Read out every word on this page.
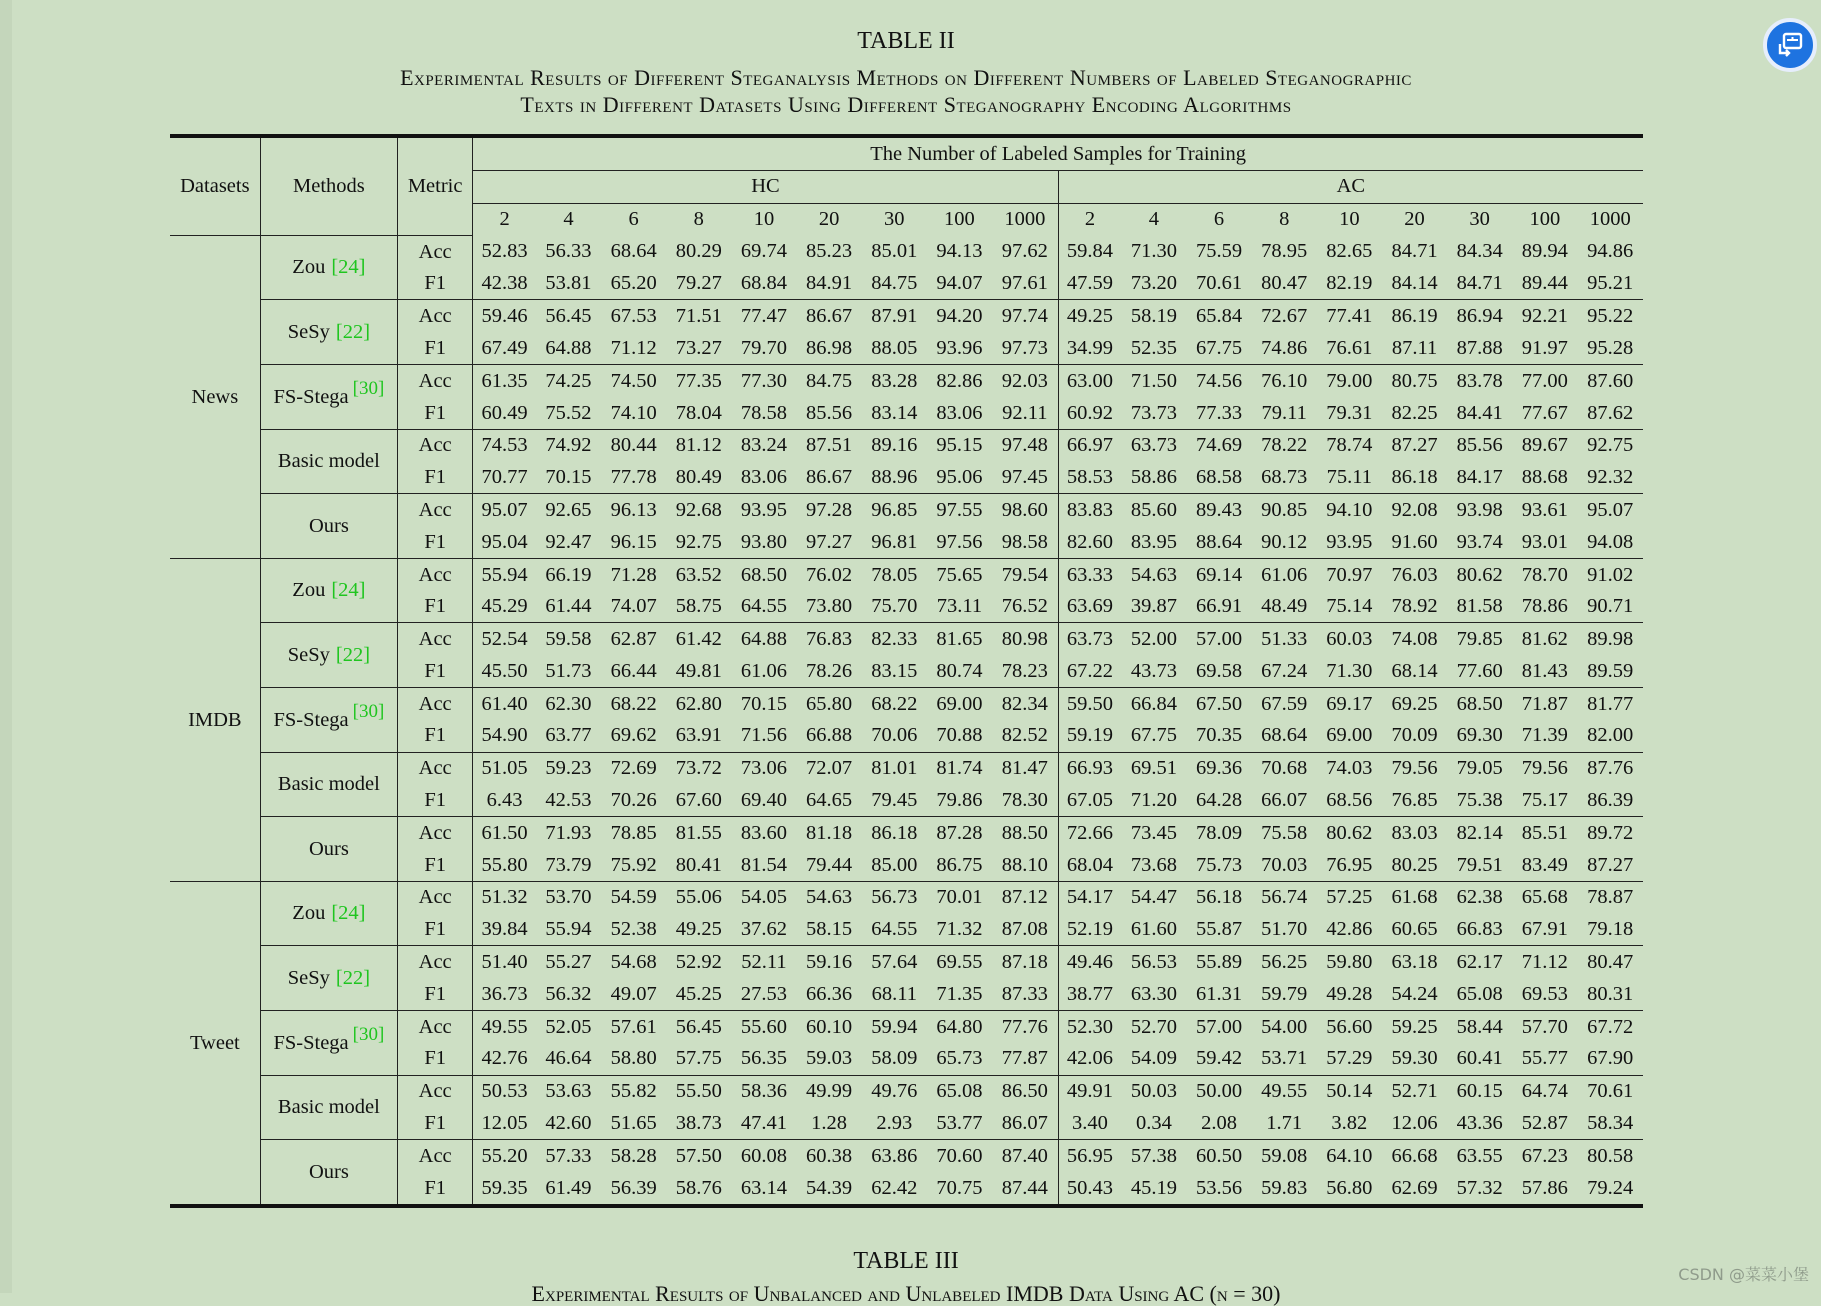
TABLE II
Experimental Results of Different Steganalysis Methods on Different Numbers of Labeled Steganographic
Texts in Different Datasets Using Different Steganography Encoding Algorithms
Datasets	Methods	Metric	The Number of Labeled Samples for Training																	
			HC									AC								
			2	4	6	8	10	20	30	100	1000	2	4	6	8	10	20	30	100	1000
News	Zou [24]	Acc	52.83	56.33	68.64	80.29	69.74	85.23	85.01	94.13	97.62	59.84	71.30	75.59	78.95	82.65	84.71	84.34	89.94	94.86
		F1	42.38	53.81	65.20	79.27	68.84	84.91	84.75	94.07	97.61	47.59	73.20	70.61	80.47	82.19	84.14	84.71	89.44	95.21
	SeSy [22]	Acc	59.46	56.45	67.53	71.51	77.47	86.67	87.91	94.20	97.74	49.25	58.19	65.84	72.67	77.41	86.19	86.94	92.21	95.22
		F1	67.49	64.88	71.12	73.27	79.70	86.98	88.05	93.96	97.73	34.99	52.35	67.75	74.86	76.61	87.11	87.88	91.97	95.28
	FS-Stega [30]	Acc	61.35	74.25	74.50	77.35	77.30	84.75	83.28	82.86	92.03	63.00	71.50	74.56	76.10	79.00	80.75	83.78	77.00	87.60
		F1	60.49	75.52	74.10	78.04	78.58	85.56	83.14	83.06	92.11	60.92	73.73	77.33	79.11	79.31	82.25	84.41	77.67	87.62
	Basic model	Acc	74.53	74.92	80.44	81.12	83.24	87.51	89.16	95.15	97.48	66.97	63.73	74.69	78.22	78.74	87.27	85.56	89.67	92.75
		F1	70.77	70.15	77.78	80.49	83.06	86.67	88.96	95.06	97.45	58.53	58.86	68.58	68.73	75.11	86.18	84.17	88.68	92.32
	Ours	Acc	95.07	92.65	96.13	92.68	93.95	97.28	96.85	97.55	98.60	83.83	85.60	89.43	90.85	94.10	92.08	93.98	93.61	95.07
		F1	95.04	92.47	96.15	92.75	93.80	97.27	96.81	97.56	98.58	82.60	83.95	88.64	90.12	93.95	91.60	93.74	93.01	94.08
IMDB	Zou [24]	Acc	55.94	66.19	71.28	63.52	68.50	76.02	78.05	75.65	79.54	63.33	54.63	69.14	61.06	70.97	76.03	80.62	78.70	91.02
		F1	45.29	61.44	74.07	58.75	64.55	73.80	75.70	73.11	76.52	63.69	39.87	66.91	48.49	75.14	78.92	81.58	78.86	90.71
	SeSy [22]	Acc	52.54	59.58	62.87	61.42	64.88	76.83	82.33	81.65	80.98	63.73	52.00	57.00	51.33	60.03	74.08	79.85	81.62	89.98
		F1	45.50	51.73	66.44	49.81	61.06	78.26	83.15	80.74	78.23	67.22	43.73	69.58	67.24	71.30	68.14	77.60	81.43	89.59
	FS-Stega [30]	Acc	61.40	62.30	68.22	62.80	70.15	65.80	68.22	69.00	82.34	59.50	66.84	67.50	67.59	69.17	69.25	68.50	71.87	81.77
		F1	54.90	63.77	69.62	63.91	71.56	66.88	70.06	70.88	82.52	59.19	67.75	70.35	68.64	69.00	70.09	69.30	71.39	82.00
	Basic model	Acc	51.05	59.23	72.69	73.72	73.06	72.07	81.01	81.74	81.47	66.93	69.51	69.36	70.68	74.03	79.56	79.05	79.56	87.76
		F1	6.43	42.53	70.26	67.60	69.40	64.65	79.45	79.86	78.30	67.05	71.20	64.28	66.07	68.56	76.85	75.38	75.17	86.39
	Ours	Acc	61.50	71.93	78.85	81.55	83.60	81.18	86.18	87.28	88.50	72.66	73.45	78.09	75.58	80.62	83.03	82.14	85.51	89.72
		F1	55.80	73.79	75.92	80.41	81.54	79.44	85.00	86.75	88.10	68.04	73.68	75.73	70.03	76.95	80.25	79.51	83.49	87.27
Tweet	Zou [24]	Acc	51.32	53.70	54.59	55.06	54.05	54.63	56.73	70.01	87.12	54.17	54.47	56.18	56.74	57.25	61.68	62.38	65.68	78.87
		F1	39.84	55.94	52.38	49.25	37.62	58.15	64.55	71.32	87.08	52.19	61.60	55.87	51.70	42.86	60.65	66.83	67.91	79.18
	SeSy [22]	Acc	51.40	55.27	54.68	52.92	52.11	59.16	57.64	69.55	87.18	49.46	56.53	55.89	56.25	59.80	63.18	62.17	71.12	80.47
		F1	36.73	56.32	49.07	45.25	27.53	66.36	68.11	71.35	87.33	38.77	63.30	61.31	59.79	49.28	54.24	65.08	69.53	80.31
	FS-Stega [30]	Acc	49.55	52.05	57.61	56.45	55.60	60.10	59.94	64.80	77.76	52.30	52.70	57.00	54.00	56.60	59.25	58.44	57.70	67.72
		F1	42.76	46.64	58.80	57.75	56.35	59.03	58.09	65.73	77.87	42.06	54.09	59.42	53.71	57.29	59.30	60.41	55.77	67.90
	Basic model	Acc	50.53	53.63	55.82	55.50	58.36	49.99	49.76	65.08	86.50	49.91	50.03	50.00	49.55	50.14	52.71	60.15	64.74	70.61
		F1	12.05	42.60	51.65	38.73	47.41	1.28	2.93	53.77	86.07	3.40	0.34	2.08	1.71	3.82	12.06	43.36	52.87	58.34
	Ours	Acc	55.20	57.33	58.28	57.50	60.08	60.38	63.86	70.60	87.40	56.95	57.38	60.50	59.08	64.10	66.68	63.55	67.23	80.58
		F1	59.35	61.49	56.39	58.76	63.14	54.39	62.42	70.75	87.44	50.43	45.19	53.56	59.83	56.80	62.69	57.32	57.86	79.24
TABLE III
Experimental Results of Unbalanced and Unlabeled IMDB Data Using AC (n = 30)
CSDN @菜菜小堡
